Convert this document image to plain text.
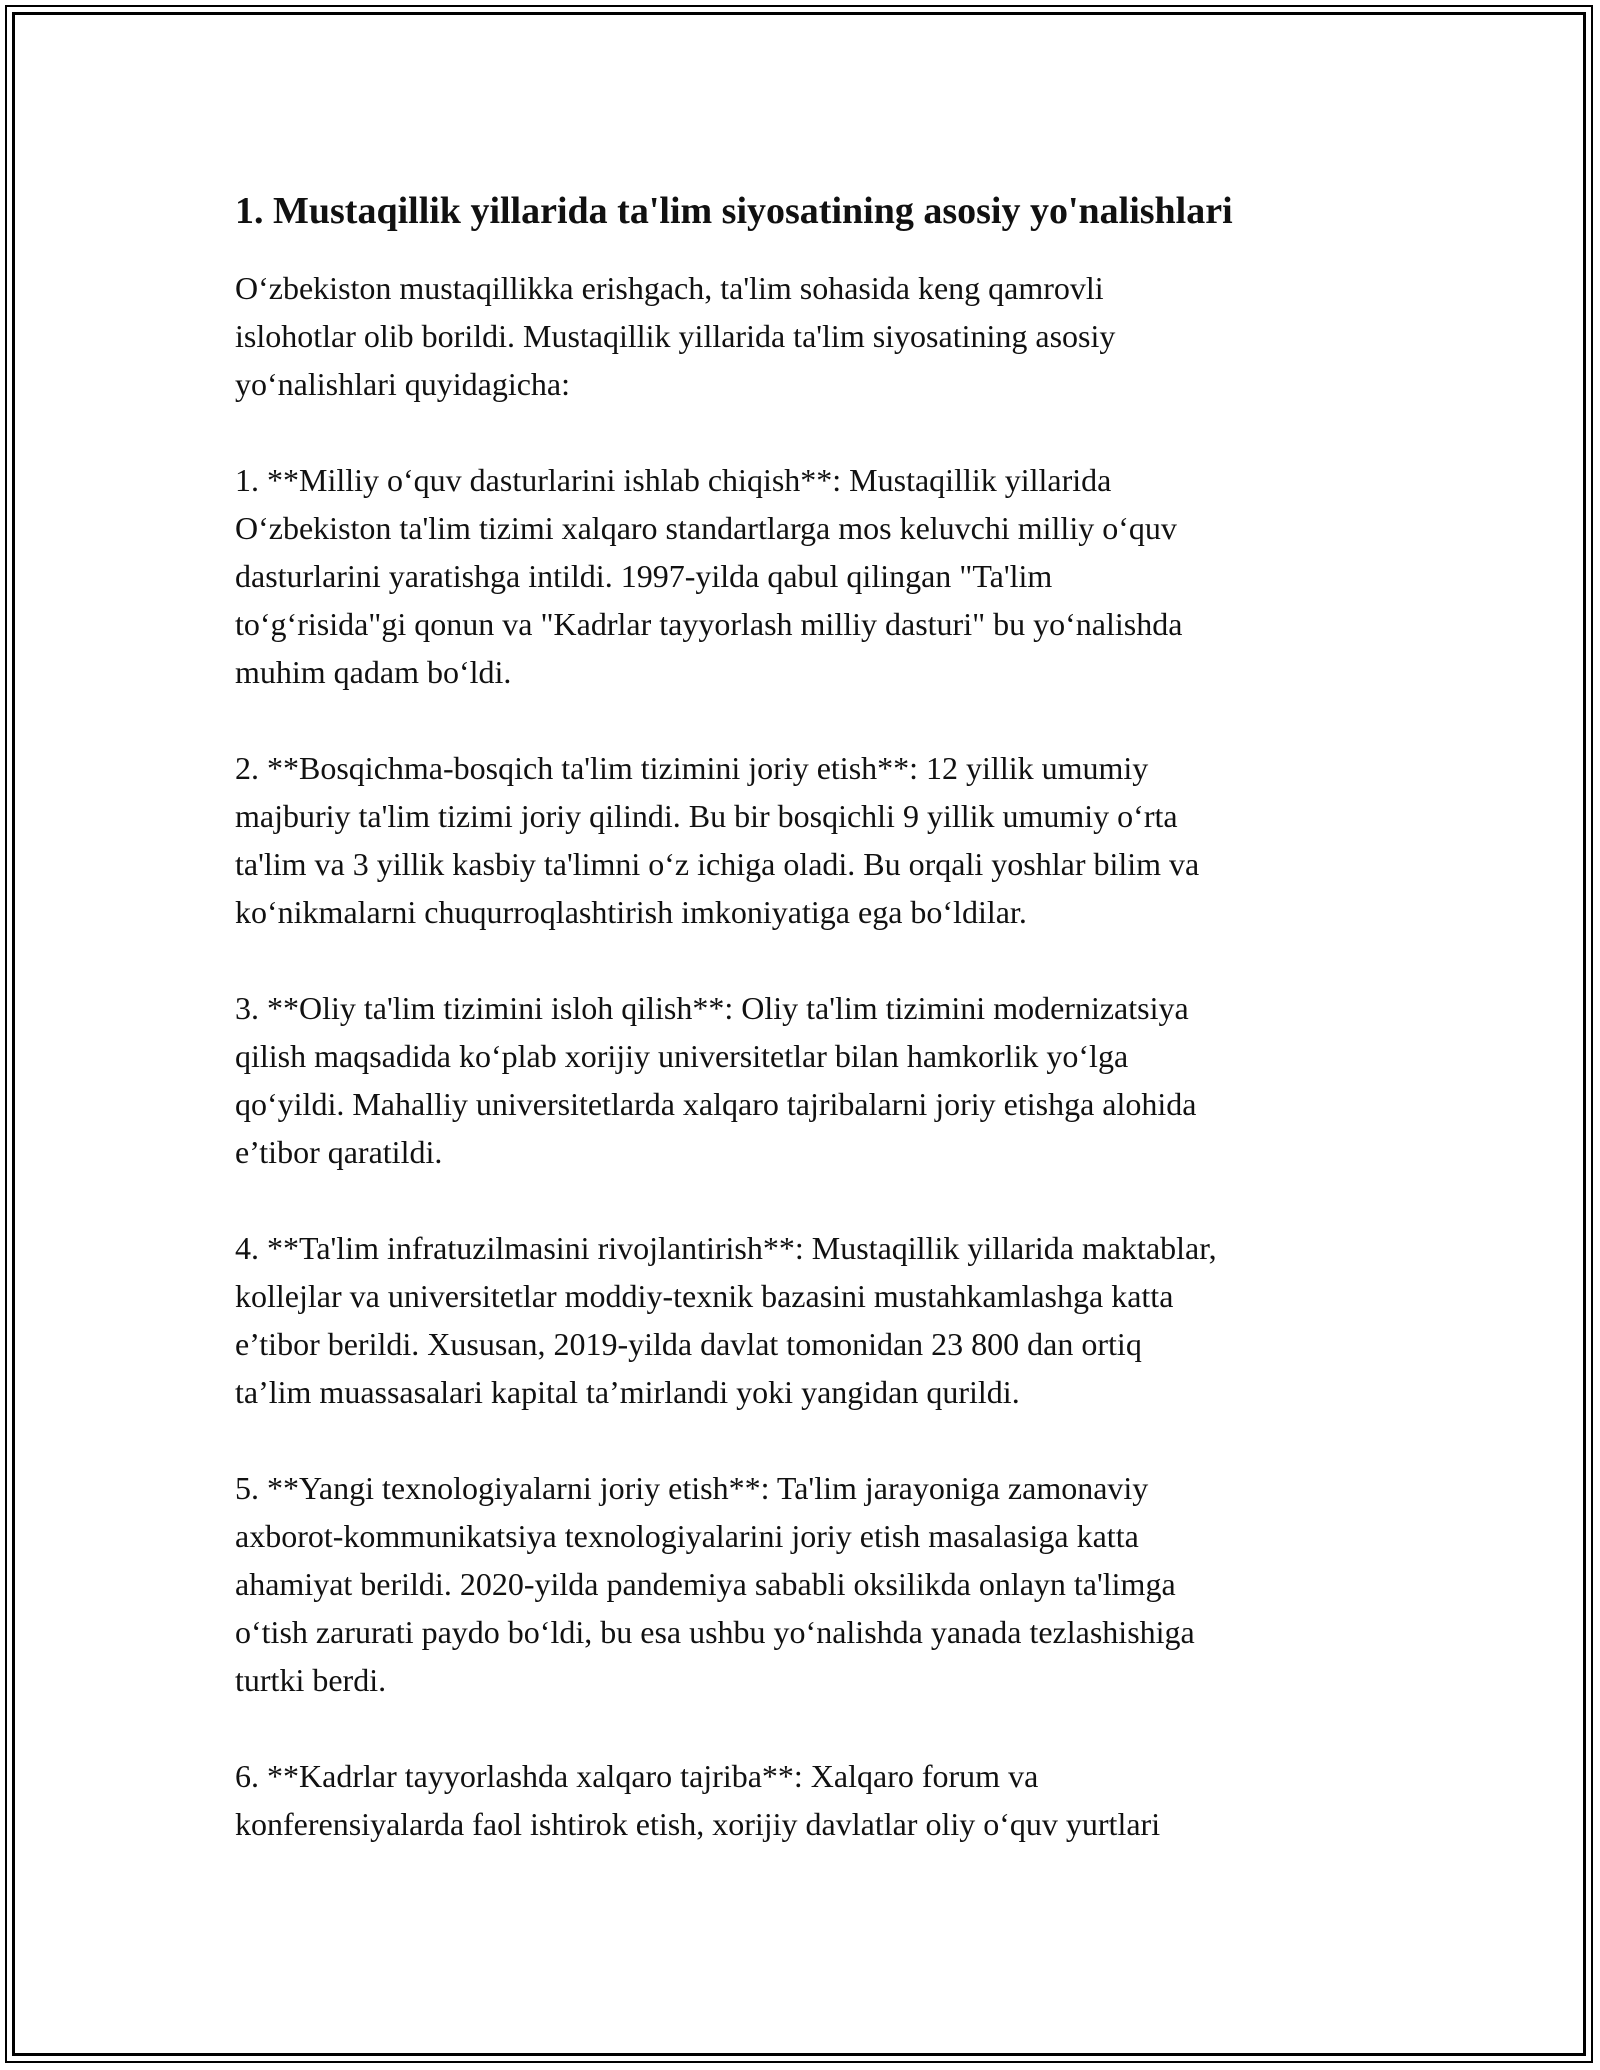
1. Mustaqillik yillarida ta'lim siyosatining asosiy yo'nalishlari

O‘zbekiston mustaqillikka erishgach, ta'lim sohasida keng qamrovli
islohotlar olib borildi. Mustaqillik yillarida ta'lim siyosatining asosiy
yo‘nalishlari quyidagicha:

1. **Milliy o‘quv dasturlarini ishlab chiqish**: Mustaqillik yillarida
O‘zbekiston ta'lim tizimi xalqaro standartlarga mos keluvchi milliy o‘quv
dasturlarini yaratishga intildi. 1997-yilda qabul qilingan "Ta'lim
to‘g‘risida"gi qonun va "Kadrlar tayyorlash milliy dasturi" bu yo‘nalishda
muhim qadam bo‘ldi.

2. **Bosqichma-bosqich ta'lim tizimini joriy etish**: 12 yillik umumiy
majburiy ta'lim tizimi joriy qilindi. Bu bir bosqichli 9 yillik umumiy o‘rta
ta'lim va 3 yillik kasbiy ta'limni o‘z ichiga oladi. Bu orqali yoshlar bilim va
ko‘nikmalarni chuqurroqlashtirish imkoniyatiga ega bo‘ldilar.

3. **Oliy ta'lim tizimini isloh qilish**: Oliy ta'lim tizimini modernizatsiya
qilish maqsadida ko‘plab xorijiy universitetlar bilan hamkorlik yo‘lga
qo‘yildi. Mahalliy universitetlarda xalqaro tajribalarni joriy etishga alohida
e’tibor qaratildi.

4. **Ta'lim infratuzilmasini rivojlantirish**: Mustaqillik yillarida maktablar,
kollejlar va universitetlar moddiy-texnik bazasini mustahkamlashga katta
e’tibor berildi. Xususan, 2019-yilda davlat tomonidan 23 800 dan ortiq
ta’lim muassasalari kapital ta’mirlandi yoki yangidan qurildi.

5. **Yangi texnologiyalarni joriy etish**: Ta'lim jarayoniga zamonaviy
axborot-kommunikatsiya texnologiyalarini joriy etish masalasiga katta
ahamiyat berildi. 2020-yilda pandemiya sababli oksilikda onlayn ta'limga
o‘tish zarurati paydo bo‘ldi, bu esa ushbu yo‘nalishda yanada tezlashishiga
turtki berdi.

6. **Kadrlar tayyorlashda xalqaro tajriba**: Xalqaro forum va
konferensiyalarda faol ishtirok etish, xorijiy davlatlar oliy o‘quv yurtlari
